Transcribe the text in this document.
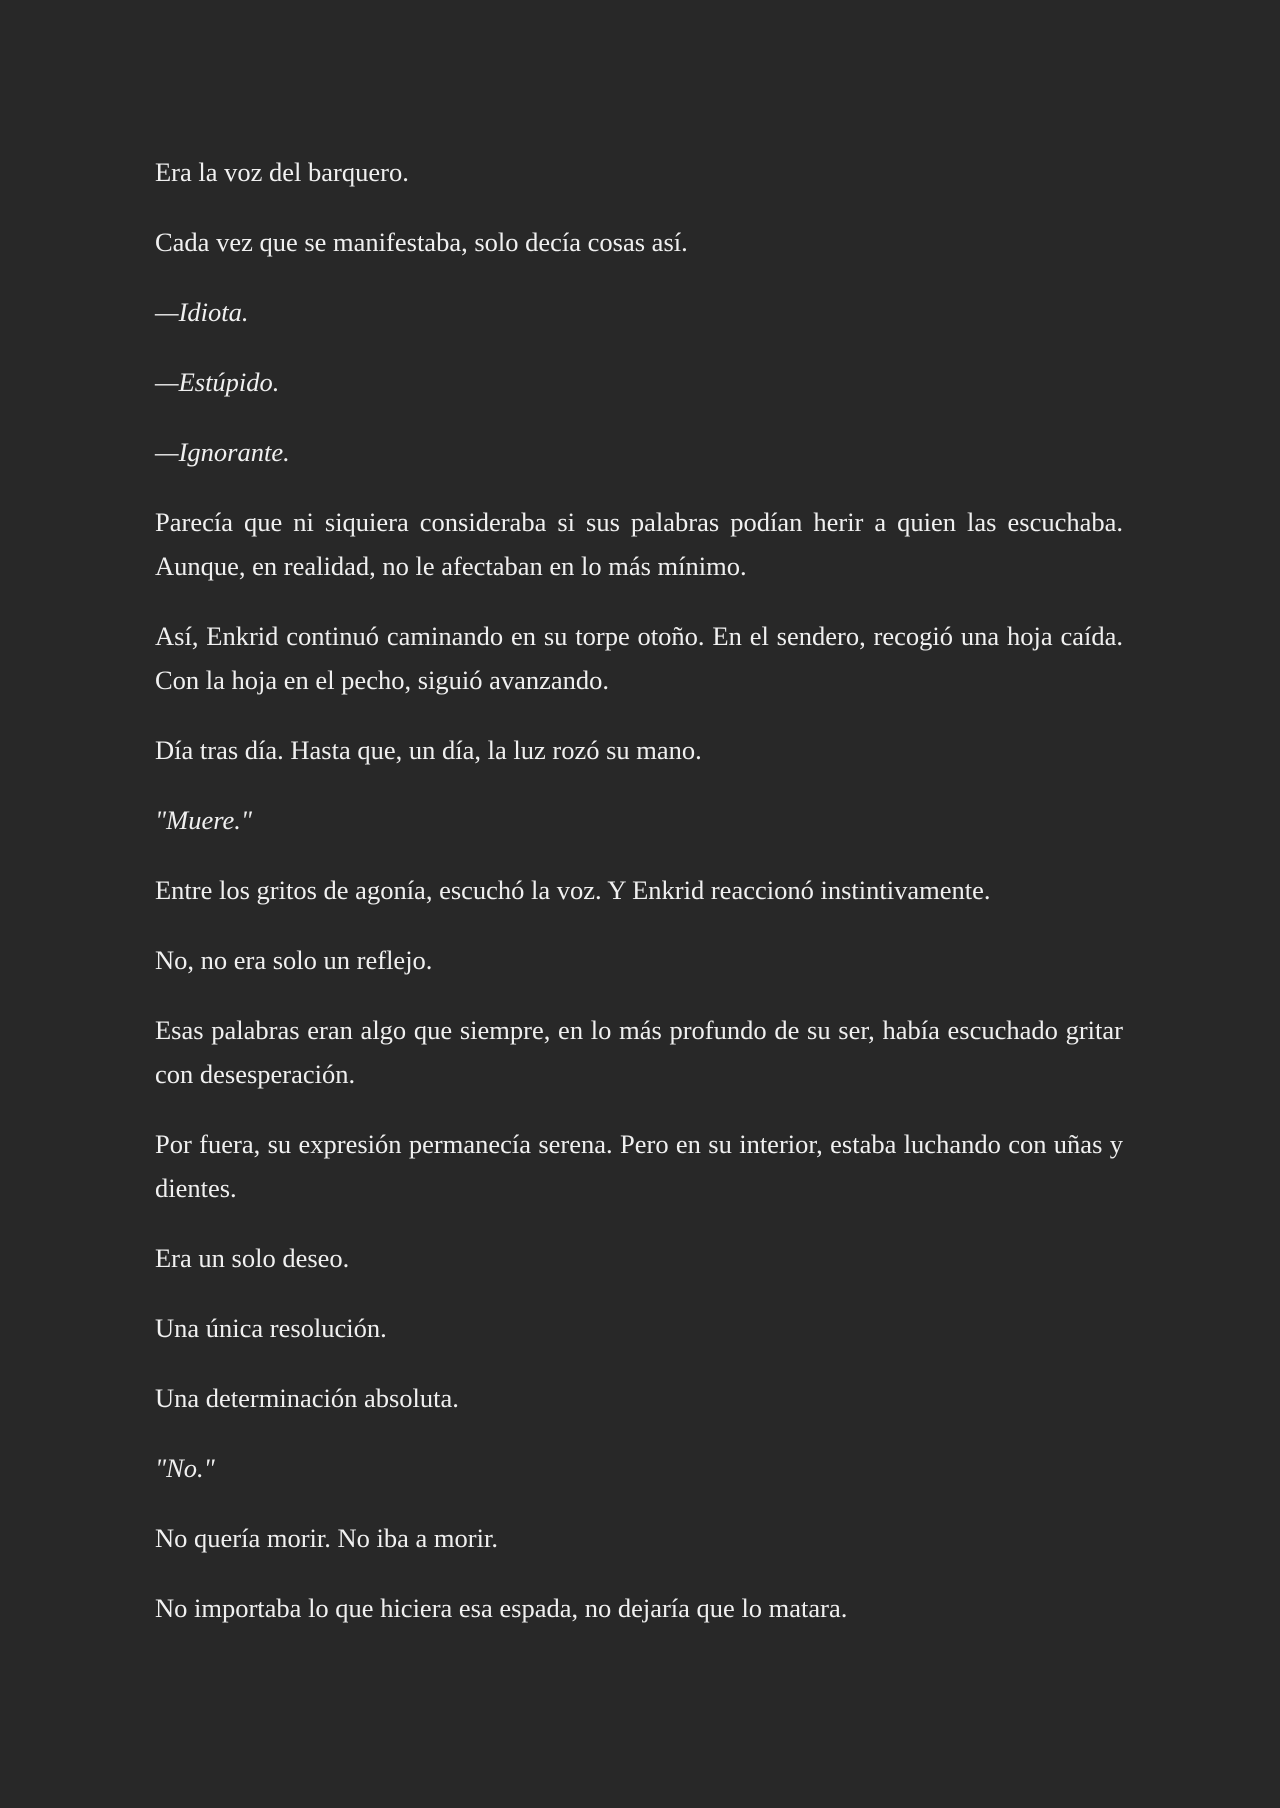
Era la voz del barquero.

Cada vez que se manifestaba, solo decía cosas así.

—Idiota.

—Estúpido.

—Ignorante.

Parecía que ni siquiera consideraba si sus palabras podían herir a quien las escuchaba. Aunque, en realidad, no le afectaban en lo más mínimo.

Así, Enkrid continuó caminando en su torpe otoño. En el sendero, recogió una hoja caída. Con la hoja en el pecho, siguió avanzando.

Día tras día. Hasta que, un día, la luz rozó su mano.

"Muere."

Entre los gritos de agonía, escuchó la voz. Y Enkrid reaccionó instintivamente.

No, no era solo un reflejo.

Esas palabras eran algo que siempre, en lo más profundo de su ser, había escuchado gritar con desesperación.

Por fuera, su expresión permanecía serena. Pero en su interior, estaba luchando con uñas y dientes.

Era un solo deseo.

Una única resolución.

Una determinación absoluta.

"No."

No quería morir. No iba a morir.

No importaba lo que hiciera esa espada, no dejaría que lo matara.
